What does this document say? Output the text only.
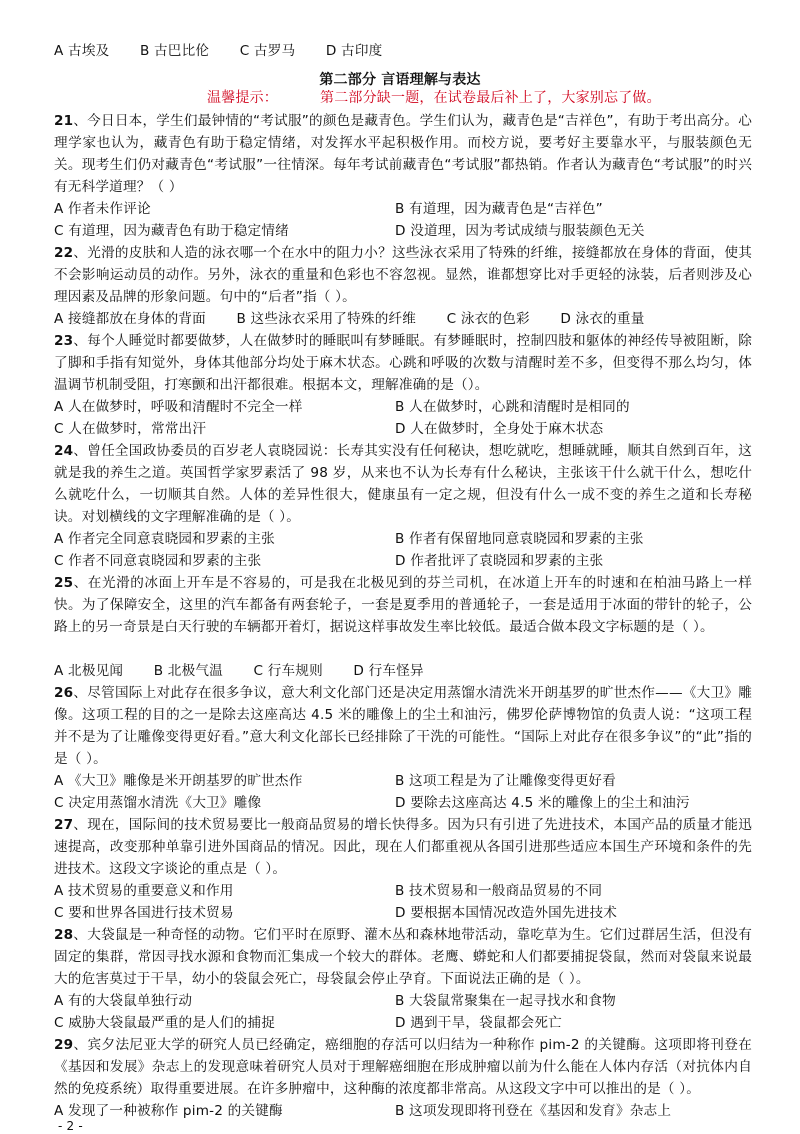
A 古埃及 B 古巴比伦 C 古罗马 D 古印度
第二部分 言语理解与表达
温馨提示：	第二部分缺一题，在试卷最后补上了，大家别忘了做。
21、今日日本，学生们最钟情的“考试服”的颜色是藏青色。学生们认为，藏青色是“吉祥色”，有助于考出高分。心理学家也认为，藏青色有助于稳定情绪，对发挥水平起积极作用。而校方说，要考好主要靠水平，与服装颜色无关。现考生们仍对藏青色“考试服”一往情深。每年考试前藏青色“考试服”都热销。作者认为藏青色“考试服”的时兴有无科学道理？（ ）
A 作者未作评论	B 有道理，因为藏青色是“吉祥色”
C 有道理，因为藏青色有助于稳定情绪	D 没道理，因为考试成绩与服装颜色无关
22、光滑的皮肤和人造的泳衣哪一个在水中的阻力小？这些泳衣采用了特殊的纤维，接缝都放在身体的背面，使其不会影响运动员的动作。另外，泳衣的重量和色彩也不容忽视。显然，谁都想穿比对手更轻的泳装，后者则涉及心理因素及品牌的形象问题。句中的“后者”指（ ）。
A 接缝都放在身体的背面 B 这些泳衣采用了特殊的纤维 C 泳衣的色彩 D 泳衣的重量
23、每个人睡觉时都要做梦，人在做梦时的睡眠叫有梦睡眠。有梦睡眠时，控制四肢和躯体的神经传导被阻断，除了脚和手指有知觉外，身体其他部分均处于麻木状态。心跳和呼吸的次数与清醒时差不多，但变得不那么均匀，体温调节机制受阻，打寒颤和出汗都很难。根据本文，理解准确的是（）。
A 人在做梦时，呼吸和清醒时不完全一样	B 人在做梦时，心跳和清醒时是相同的
C 人在做梦时，常常出汗	D 人在做梦时，全身处于麻木状态
24、曾任全国政协委员的百岁老人袁晓园说：长寿其实没有任何秘诀，想吃就吃，想睡就睡，顺其自然到百年，这就是我的养生之道。英国哲学家罗素活了 98 岁，从来也不认为长寿有什么秘诀，主张该干什么就干什么，想吃什么就吃什么，一切顺其自然。人体的差异性很大，健康虽有一定之规，但没有什么一成不变的养生之道和长寿秘诀。对划横线的文字理解准确的是（ ）。
A 作者完全同意袁晓园和罗素的主张	B 作者有保留地同意袁晓园和罗素的主张
C 作者不同意袁晓园和罗素的主张	D 作者批评了袁晓园和罗素的主张
25、在光滑的冰面上开车是不容易的，可是我在北极见到的芬兰司机，在冰道上开车的时速和在柏油马路上一样快。为了保障安全，这里的汽车都备有两套轮子，一套是夏季用的普通轮子，一套是适用于冰面的带针的轮子，公路上的另一奇景是白天行驶的车辆都开着灯，据说这样事故发生率比较低。最适合做本段文字标题的是（ ）。
A 北极见闻 B 北极气温 C 行车规则 D 行车怪异
26、尽管国际上对此存在很多争议，意大利文化部门还是决定用蒸馏水清洗米开朗基罗的旷世杰作——《大卫》雕像。这项工程的目的之一是除去这座高达 4.5 米的雕像上的尘土和油污，佛罗伦萨博物馆的负责人说：“这项工程并不是为了让雕像变得更好看。”意大利文化部长已经排除了干洗的可能性。“国际上对此存在很多争议”的“此”指的是（ ）。
A 《大卫》雕像是米开朗基罗的旷世杰作	B 这项工程是为了让雕像变得更好看
C 决定用蒸馏水清洗《大卫》雕像	D 要除去这座高达 4.5 米的雕像上的尘土和油污
27、现在，国际间的技术贸易要比一般商品贸易的增长快得多。因为只有引进了先进技术，本国产品的质量才能迅速提高，改变那种单靠引进外国商品的情况。因此，现在人们都重视从各国引进那些适应本国生产环境和条件的先进技术。这段文字谈论的重点是（ ）。
A 技术贸易的重要意义和作用	B 技术贸易和一般商品贸易的不同
C 要和世界各国进行技术贸易	D 要根据本国情况改造外国先进技术
28、大袋鼠是一种奇怪的动物。它们平时在原野、灌木丛和森林地带活动，靠吃草为生。它们过群居生活，但没有固定的集群，常因寻找水源和食物而汇集成一个较大的群体。老鹰、蟒蛇和人们都要捕捉袋鼠，然而对袋鼠来说最大的危害莫过于干旱，幼小的袋鼠会死亡，母袋鼠会停止孕育。下面说法正确的是（ ）。
A 有的大袋鼠单独行动	B 大袋鼠常聚集在一起寻找水和食物
C 威胁大袋鼠最严重的是人们的捕捉	D 遇到干旱，袋鼠都会死亡
29、宾夕法尼亚大学的研究人员已经确定，癌细胞的存活可以归结为一种称作 pim-2 的关键酶。这项即将刊登在《基因和发展》杂志上的发现意味着研究人员对于理解癌细胞在形成肿瘤以前为什么能在人体内存活（对抗体内自然的免疫系统）取得重要进展。在许多肿瘤中，这种酶的浓度都非常高。从这段文字中可以推出的是（ ）。
A 发现了一种被称作 pim-2 的关键酶	B 这项发现即将刊登在《基因和发育》杂志上
- 2 -
